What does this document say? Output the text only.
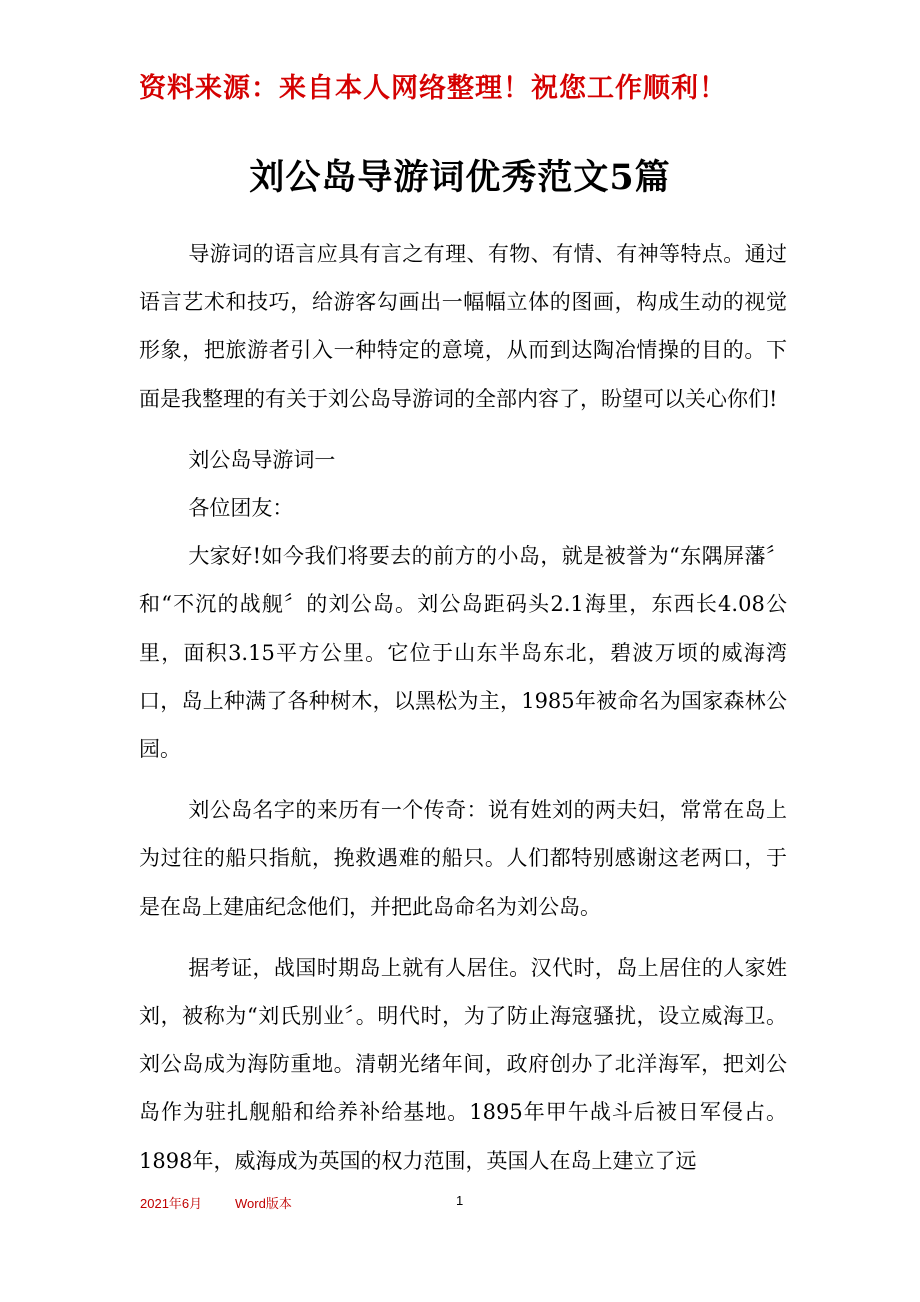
资料来源：来自本人网络整理！祝您工作顺利！
刘公岛导游词优秀范文5篇

导游词的语言应具有言之有理、有物、有情、有神等特点。通过语言艺术和技巧，给游客勾画出一幅幅立体的图画，构成生动的视觉形象，把旅游者引入一种特定的意境，从而到达陶冶情操的目的。下面是我整理的有关于刘公岛导游词的全部内容了，盼望可以关心你们!

刘公岛导游词一

各位团友：

大家好!如今我们将要去的前方的小岛，就是被誉为“东隅屏藩〞和“不沉的战舰〞的刘公岛。刘公岛距码头2.1海里，东西长4.08公里，面积3.15平方公里。它位于山东半岛东北，碧波万顷的威海湾口，岛上种满了各种树木，以黑松为主，1985年被命名为国家森林公园。

刘公岛名字的来历有一个传奇：说有姓刘的两夫妇，常常在岛上为过往的船只指航，挽救遇难的船只。人们都特别感谢这老两口，于是在岛上建庙纪念他们，并把此岛命名为刘公岛。

据考证，战国时期岛上就有人居住。汉代时，岛上居住的人家姓刘，被称为“刘氏别业〞。明代时，为了防止海寇骚扰，设立威海卫。刘公岛成为海防重地。清朝光绪年间，政府创办了北洋海军，把刘公岛作为驻扎舰船和给养补给基地。1895年甲午战斗后被日军侵占。1898年，威海成为英国的权力范围，英国人在岛上建立了远

2021年6月	Word版本	1
